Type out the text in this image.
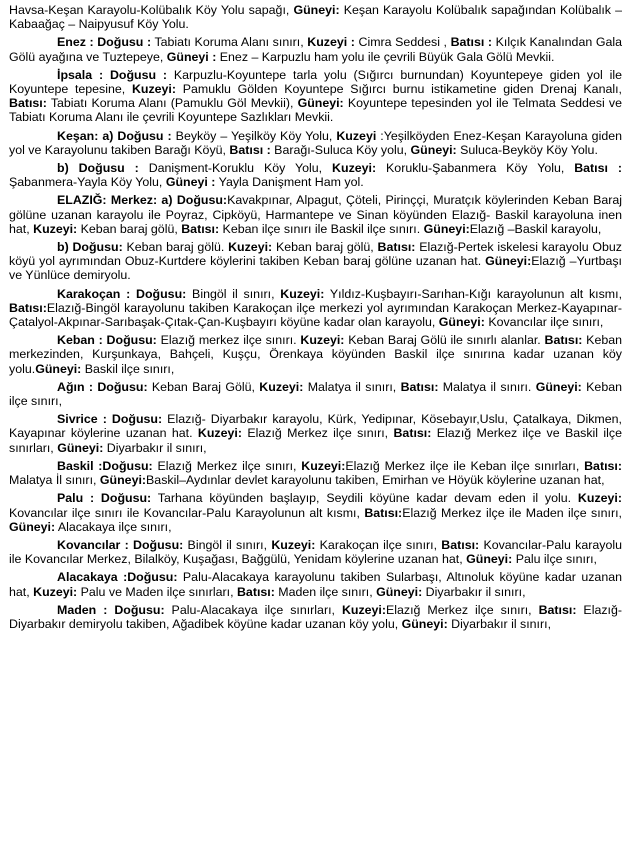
Havsa-Keşan Karayolu-Kolübalık Köy Yolu sapağı, Güneyi: Keşan Karayolu Kolübalık sapağından Kolübalık – Kabaağaç – Naipyusuf Köy Yolu.

Enez : Doğusu : Tabiatı Koruma Alanı sınırı, Kuzeyi : Cimra Seddesi , Batısı : Kılçık Kanalından Gala Gölü ayağına ve Tuztepeye, Güneyi : Enez – Karpuzlu ham yolu ile çevrili Büyük Gala Gölü Mevkii.

İpsala : Doğusu : Karpuzlu-Koyuntepe tarla yolu (Sığırcı burnundan) Koyuntepeye giden yol ile Koyuntepe tepesine, Kuzeyi: Pamuklu Gölden Koyuntepe Sığırcı burnu istikametine giden Drenaj Kanalı, Batısı: Tabiatı Koruma Alanı (Pamuklu Göl Mevkii), Güneyi: Koyuntepe tepesinden yol ile Telmata Seddesi ve Tabiatı Koruma Alanı ile çevrili Koyuntepe Sazlıkları Mevkii.

Keşan: a) Doğusu : Beyköy – Yeşilköy Köy Yolu, Kuzeyi :Yeşilköyden Enez-Keşan Karayoluna giden yol ve Karayolunu takiben Barağı Köyü, Batısı : Barağı-Suluca Köy yolu, Güneyi: Suluca-Beyköy Köy Yolu.

b) Doğusu : Danişment-Koruklu Köy Yolu, Kuzeyi: Koruklu-Şabanmera Köy Yolu, Batısı : Şabanmera-Yayla Köy Yolu, Güneyi : Yayla Danişment Ham yol.

ELAZIĞ: Merkez: a) Doğusu:Kavakpınar, Alpagut, Çöteli, Pirinççi, Muratçık köylerinden Keban Baraj gölüne uzanan karayolu ile Poyraz, Cipköyü, Harmantepe ve Sinan köyünden Elazığ- Baskil karayoluna inen hat, Kuzeyi: Keban baraj gölü, Batısı: Keban ilçe sınırı ile Baskil ilçe sınırı. Güneyi:Elazığ –Baskil karayolu,

b) Doğusu: Keban baraj gölü. Kuzeyi: Keban baraj gölü, Batısı: Elazığ-Pertek iskelesi karayolu Obuz köyü yol ayrımından Obuz-Kurtdere köylerini takiben Keban baraj gölüne uzanan hat. Güneyi:Elazığ –Yurtbaşı ve Yünlüce demiryolu.

Karakoçan : Doğusu: Bingöl il sınırı, Kuzeyi: Yıldız-Kuşbayırı-Sarıhan-Kığı karayolunun alt kısmı, Batısı:Elazığ-Bingöl karayolunu takiben Karakoçan ilçe merkezi yol ayrımından Karakoçan Merkez-Kayapınar-Çatalyol-Akpınar-Sarıbaşak-Çıtak-Çan-Kuşbayırı köyüne kadar olan karayolu, Güneyi: Kovancılar ilçe sınırı,

Keban : Doğusu: Elazığ merkez ilçe sınırı. Kuzeyi: Keban Baraj Gölü ile sınırlı alanlar. Batısı: Keban merkezinden, Kurşunkaya, Bahçeli, Kuşçu, Örenkaya köyünden Baskil ilçe sınırına kadar uzanan köy yolu.Güneyi: Baskil ilçe sınırı,

Ağın : Doğusu: Keban Baraj Gölü, Kuzeyi: Malatya il sınırı, Batısı: Malatya il sınırı. Güneyi: Keban ilçe sınırı,

Sivrice : Doğusu: Elazığ- Diyarbakır karayolu, Kürk, Yedipınar, Kösebayır,Uslu, Çatalkaya, Dikmen, Kayapınar köylerine uzanan hat. Kuzeyi: Elazığ Merkez ilçe sınırı, Batısı: Elazığ Merkez ilçe ve Baskil ilçe sınırları, Güneyi: Diyarbakır il sınırı,

Baskil :Doğusu: Elazığ Merkez ilçe sınırı, Kuzeyi:Elazığ Merkez ilçe ile Keban ilçe sınırları, Batısı: Malatya İl sınırı, Güneyi:Baskil–Aydınlar devlet karayolunu takiben, Emirhan ve Höyük köylerine uzanan hat,

Palu : Doğusu: Tarhana köyünden başlayıp, Seydili köyüne kadar devam eden il yolu. Kuzeyi: Kovancılar ilçe sınırı ile Kovancılar-Palu Karayolunun alt kısmı, Batısı:Elazığ Merkez ilçe ile Maden ilçe sınırı, Güneyi: Alacakaya ilçe sınırı,

Kovancılar : Doğusu: Bingöl il sınırı, Kuzeyi: Karakoçan ilçe sınırı, Batısı: Kovancılar-Palu karayolu ile Kovancılar Merkez, Bilalköy, Kuşağası, Bağgülü, Yenidam köylerine uzanan hat, Güneyi: Palu ilçe sınırı,

Alacakaya :Doğusu: Palu-Alacakaya karayolunu takiben Sularbaşı, Altınoluk köyüne kadar uzanan hat, Kuzeyi: Palu ve Maden ilçe sınırları, Batısı: Maden ilçe sınırı, Güneyi: Diyarbakır il sınırı,

Maden : Doğusu: Palu-Alacakaya ilçe sınırları, Kuzeyi:Elazığ Merkez ilçe sınırı, Batısı: Elazığ-Diyarbakır demiryolu takiben, Ağadibek köyüne kadar uzanan köy yolu, Güneyi: Diyarbakır il sınırı,
